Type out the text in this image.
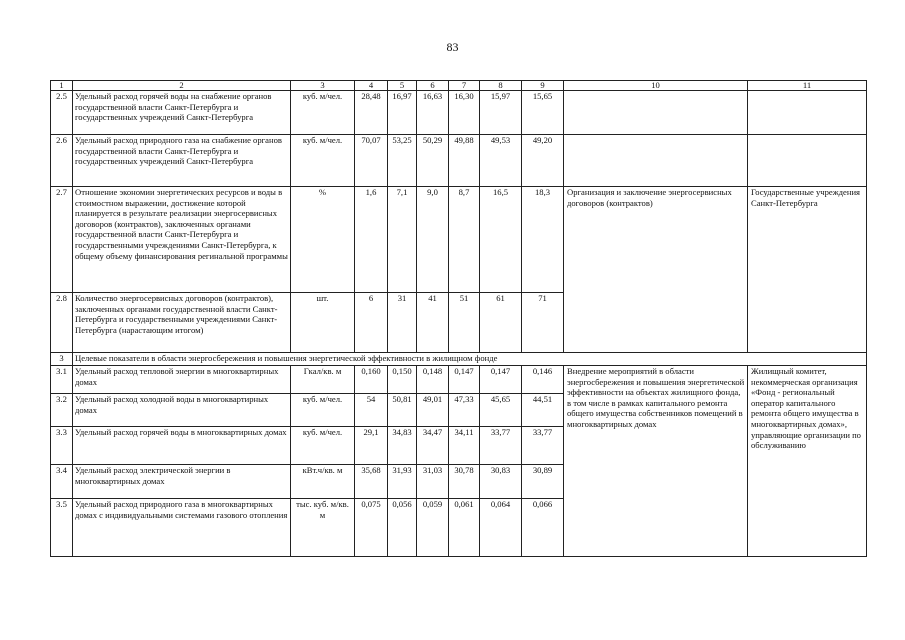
83
1	2	3	4	5	6	7	8	9	10	11
2.5	Удельный расход горячей воды на снабжение органов государственной власти Санкт-Петербурга и государственных учреждений Санкт-Петербурга	куб. м/чел.	28,48	16,97	16,63	16,30	15,97	15,65		
2.6	Удельный расход природного газа на снабжение органов государственной власти Санкт-Петербурга и государственных учреждений Санкт-Петербурга	куб. м/чел.	70,07	53,25	50,29	49,88	49,53	49,20		
2.7	Отношение экономии энергетических ресурсов и воды в стоимостном выражении, достижение которой планируется в результате реализации энергосервисных договоров (контрактов), заключенных органами государственной власти Санкт-Петербурга и государственными учреждениями Санкт-Петербурга, к общему объему финансирования регинальной программы	%	1,6	7,1	9,0	8,7	16,5	18,3	Организация и заключение энергосервисных договоров (контрактов)	Государственные учреждения Санкт-Петербурга
2.8	Количество энергосервисных договоров (контрактов), заключенных органами государственной власти Санкт-Петербурга и государственными учреждениями Санкт-Петербурга (нарастающим итогом)	шт.	6	31	41	51	61	71		
3	Целевые показатели в области энергосбережения и повышения энергетической эффективности в жилищном фонде									
3.1	Удельный расход тепловой энергии в многоквартирных домах	Гкал/кв. м	0,160	0,150	0,148	0,147	0,147	0,146	Внедрение мероприятий в области энергосбережения и повышения энергетической эффективности на объектах жилищного фонда, в том числе в рамках капитального ремонта общего имущества собственников помещений в многоквартирных домах	Жилищный комитет, некоммерческая организация «Фонд - региональный оператор капитального ремонта общего имущества в многоквартирных домах», управляющие организации по обслуживанию
3.2	Удельный расход холодной воды в многоквартирных домах	куб. м/чел.	54	50,81	49,01	47,33	45,65	44,51		
3.3	Удельный расход горячей воды в многоквартирных домах	куб. м/чел.	29,1	34,83	34,47	34,11	33,77	33,77		
3.4	Удельный расход электрической энергии в многоквартирных домах	кВт.ч/кв. м	35,68	31,93	31,03	30,78	30,83	30,89		
3.5	Удельный расход природного газа в многоквартирных домах с индивидуальными системами газового отопления	тыс. куб. м/кв. м	0,075	0,056	0,059	0,061	0,064	0,066		
